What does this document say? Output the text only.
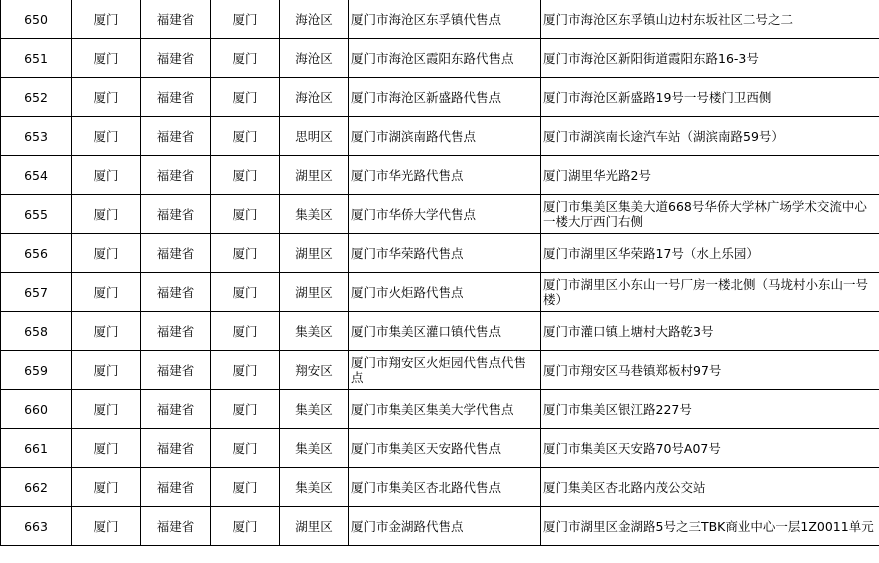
650	厦门	福建省	厦门	海沧区	厦门市海沧区东孚镇代售点	厦门市海沧区东孚镇山边村东坂社区二号之二
651	厦门	福建省	厦门	海沧区	厦门市海沧区霞阳东路代售点	厦门市海沧区新阳街道霞阳东路16-3号
652	厦门	福建省	厦门	海沧区	厦门市海沧区新盛路代售点	厦门市海沧区新盛路19号一号楼门卫西侧
653	厦门	福建省	厦门	思明区	厦门市湖滨南路代售点	厦门市湖滨南长途汽车站（湖滨南路59号）
654	厦门	福建省	厦门	湖里区	厦门市华光路代售点	厦门湖里华光路2号
655	厦门	福建省	厦门	集美区	厦门市华侨大学代售点	厦门市集美区集美大道668号华侨大学林广场学术交流中心一楼大厅西门右侧
656	厦门	福建省	厦门	湖里区	厦门市华荣路代售点	厦门市湖里区华荣路17号（水上乐园）
657	厦门	福建省	厦门	湖里区	厦门市火炬路代售点	厦门市湖里区小东山一号厂房一楼北侧（马垅村小东山一号楼）
658	厦门	福建省	厦门	集美区	厦门市集美区灌口镇代售点	厦门市灌口镇上塘村大路乾3号
659	厦门	福建省	厦门	翔安区	厦门市翔安区火炬园代售点代售点	厦门市翔安区马巷镇郑板村97号
660	厦门	福建省	厦门	集美区	厦门市集美区集美大学代售点	厦门市集美区银江路227号
661	厦门	福建省	厦门	集美区	厦门市集美区天安路代售点	厦门市集美区天安路70号A07号
662	厦门	福建省	厦门	集美区	厦门市集美区杏北路代售点	厦门集美区杏北路内茂公交站
663	厦门	福建省	厦门	湖里区	厦门市金湖路代售点	厦门市湖里区金湖路5号之三TBK商业中心一层1Z0011单元
